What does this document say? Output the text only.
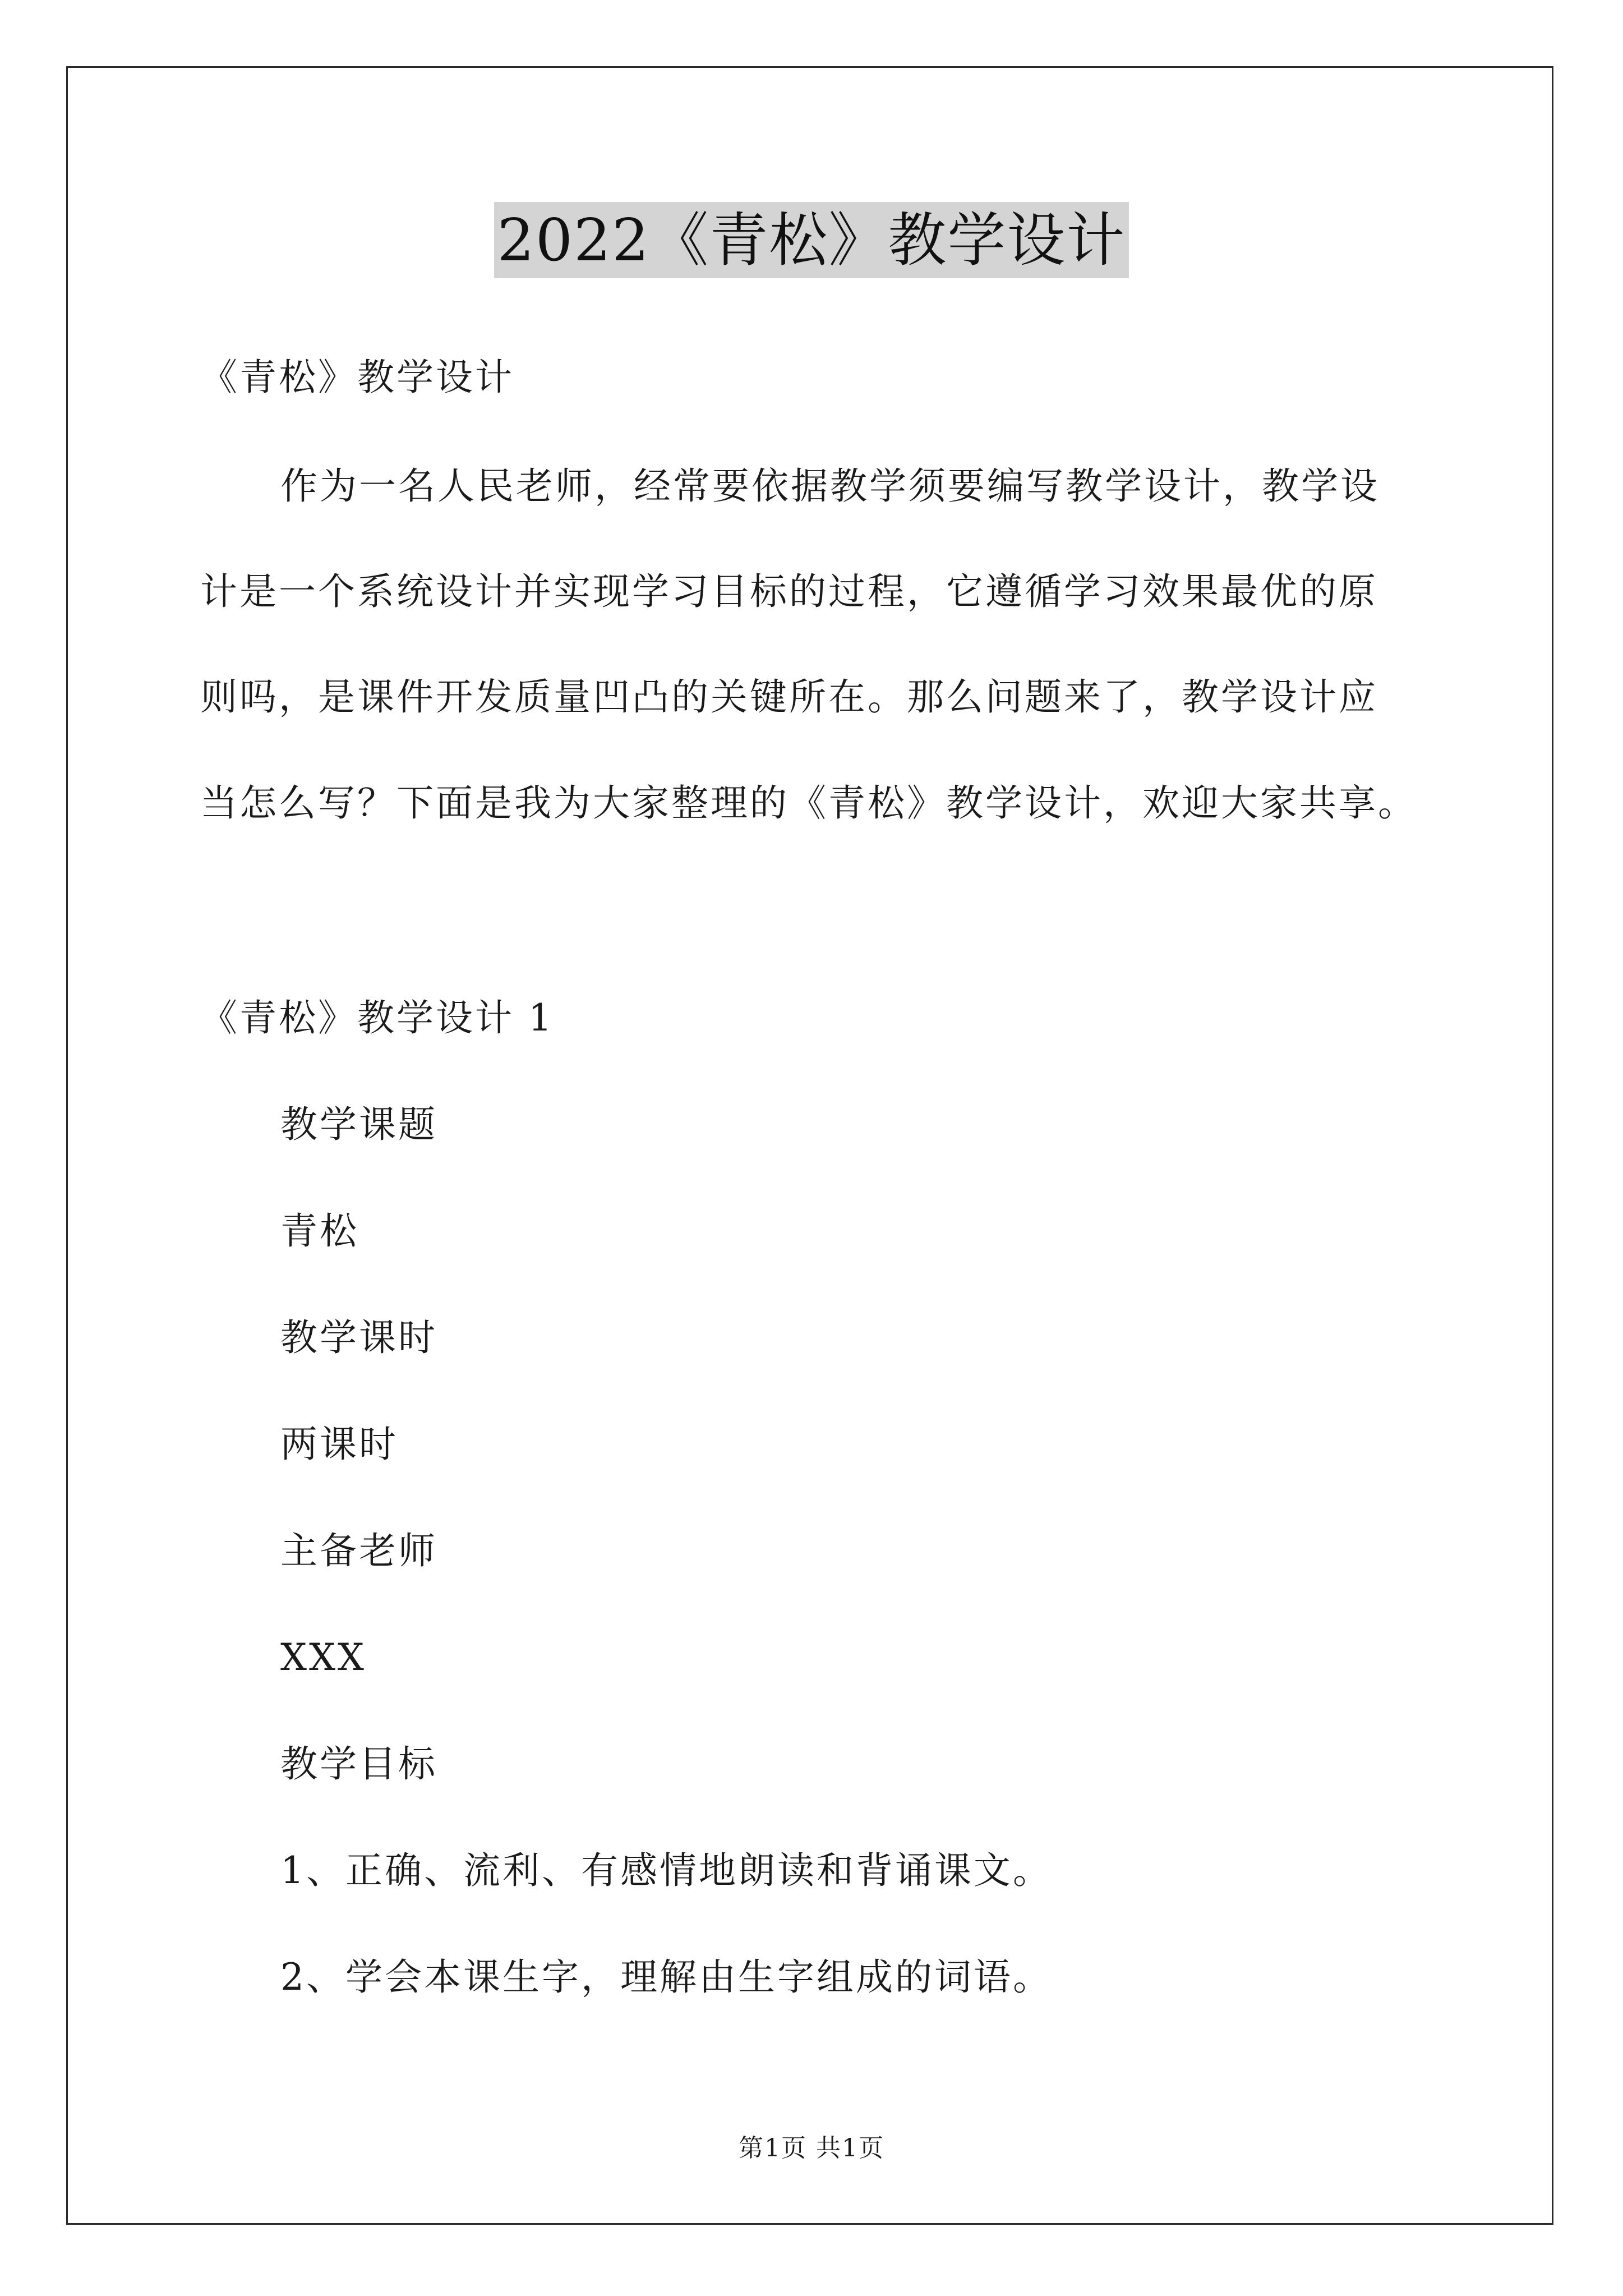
2022《青松》教学设计
《青松》教学设计
作为一名人民老师，经常要依据教学须要编写教学设计，教学设
计是一个系统设计并实现学习目标的过程，它遵循学习效果最优的原
则吗，是课件开发质量凹凸的关键所在。那么问题来了，教学设计应
当怎么写？下面是我为大家整理的《青松》教学设计，欢迎大家共享。
《青松》教学设计 1
教学课题
青松
教学课时
两课时
主备老师
XXX
教学目标
1、正确、流利、有感情地朗读和背诵课文。
2、学会本课生字，理解由生字组成的词语。
第1页 共1页
